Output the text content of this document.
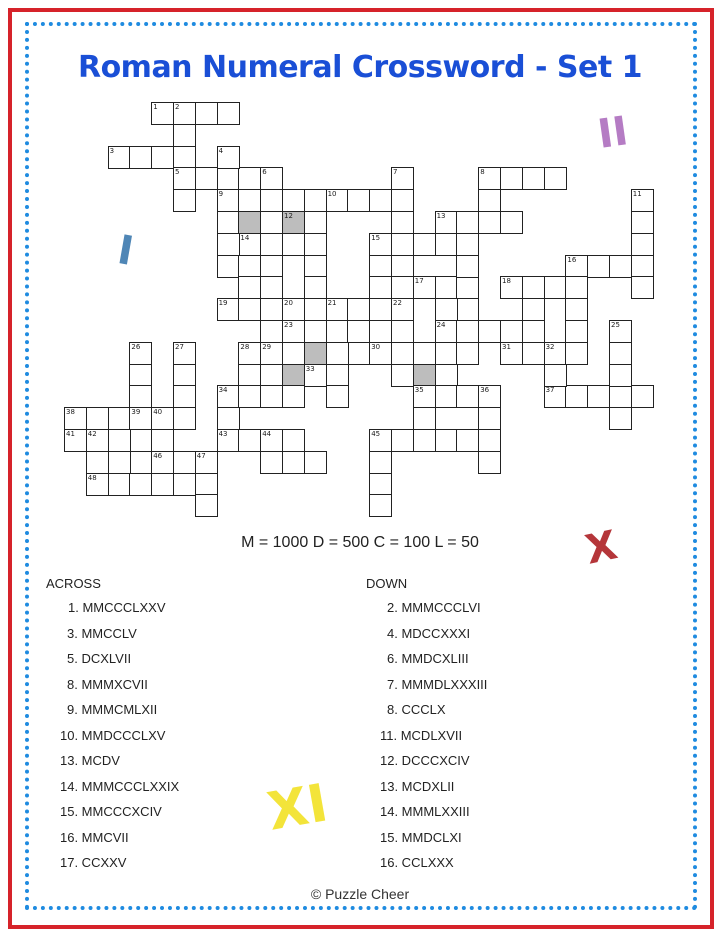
Roman Numeral Crossword - Set 1
1 2
3
5	6
9	10
8
12	13
14	15
16
17	18
19	20	21	22
24
28 29	30	31	32
33
34	35	36	37
38	39
41 42	43	44	45
48
46	47
4
7
11
25
26	27
40
23
II
I
X
XI
M = 1000 D = 500 C = 100 L = 50
ACROSS	DOWN
1. MMCCCLXXV
3. MMCCLV
5. DCXLVII
8. MMMXCVII
9. MMMCMLXII
10. MMDCCCLXV
13. MCDV
14. MMMCCCLXXIX
15. MMCCCXCIV
16. MMCVII
17. CCXXV
2. MMMCCCLVI
4. MDCCXXXI
6. MMDCXLIII
7. MMMDLXXXIII
8. CCCLX
11. MCDLXVII
12. DCCCXCIV
13. MCDXLII
14. MMMLXXIII
15. MMDCLXI
16. CCLXXX
© Puzzle Cheer
